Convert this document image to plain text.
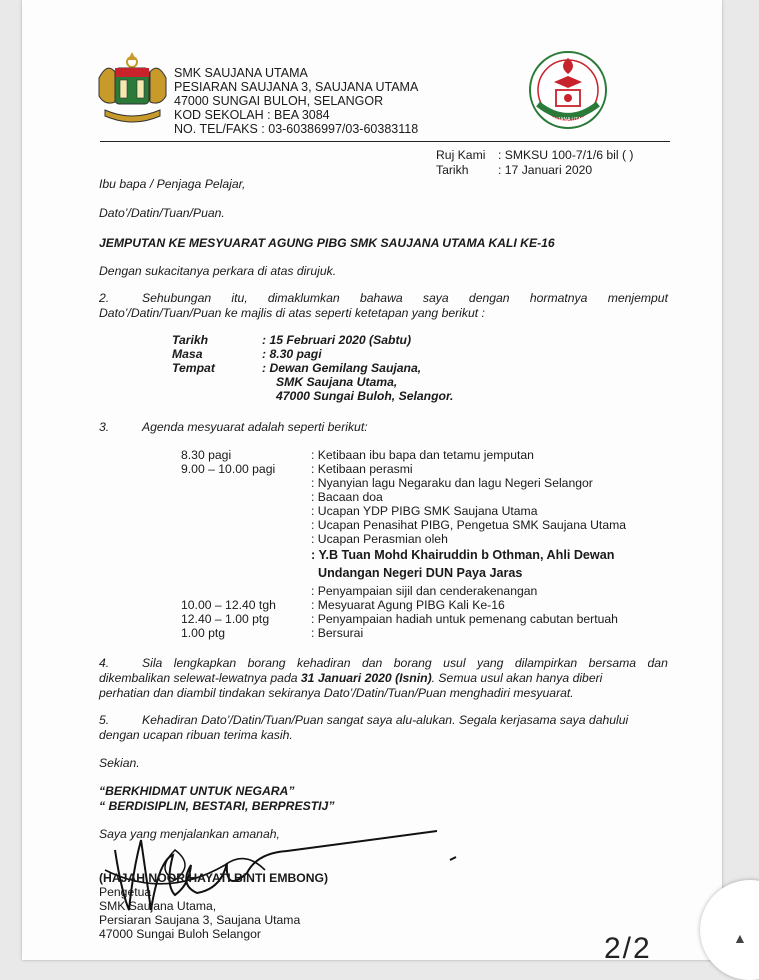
SMK SAUJANA UTAMA
PESIARAN SAUJANA 3, SAUJANA UTAMA
47000 SUNGAI BULOH, SELANGOR
KOD SEKOLAH : BEA 3084
NO. TEL/FAKS : 03-60386997/03-60383118
SAUJANA UTAMA
Ruj Kami : SMKSU 100-7/1/6 bil ( )
Tarikh : 17 Januari 2020
Ibu bapa / Penjaga Pelajar,
Dato’/Datin/Tuan/Puan.
JEMPUTAN KE MESYUARAT AGUNG PIBG SMK SAUJANA UTAMA KALI KE-16
Dengan sukacitanya perkara di atas dirujuk.
2.	Sehubungan itu, dimaklumkan bahawa saya dengan hormatnya menjemput
Dato’/Datin/Tuan/Puan ke majlis di atas seperti ketetapan yang berikut :
Tarikh	: 15 Februari 2020 (Sabtu)
Masa	: 8.30 pagi
Tempat	: Dewan Gemilang Saujana,
SMK Saujana Utama,
47000 Sungai Buloh, Selangor.
3.	Agenda mesyuarat adalah seperti berikut:
8.30 pagi	: Ketibaan ibu bapa dan tetamu jemputan
9.00 – 10.00 pagi	: Ketibaan perasmi
: Nyanyian lagu Negaraku dan lagu Negeri Selangor
: Bacaan doa
: Ucapan YDP PIBG SMK Saujana Utama
: Ucapan Penasihat PIBG, Pengetua SMK Saujana Utama
: Ucapan Perasmian oleh
: Y.B Tuan Mohd Khairuddin b Othman, Ahli Dewan
Undangan Negeri DUN Paya Jaras
: Penyampaian sijil dan cenderakenangan
10.00 – 12.40 tgh	: Mesyuarat Agung PIBG Kali Ke-16
12.40 – 1.00 ptg	: Penyampaian hadiah untuk pemenang cabutan bertuah
1.00 ptg	: Bersurai
4.	Sila lengkapkan borang kehadiran dan borang usul yang dilampirkan bersama dan
dikembalikan selewat-lewatnya pada 31 Januari 2020 (Isnin). Semua usul akan hanya diberi
perhatian dan diambil tindakan sekiranya Dato’/Datin/Tuan/Puan menghadiri mesyuarat.
5.	Kehadiran Dato’/Datin/Tuan/Puan sangat saya alu-alukan. Segala kerjasama saya dahului
dengan ucapan ribuan terima kasih.
Sekian.
“BERKHIDMAT UNTUK NEGARA”
“ BERDISIPLIN, BESTARI, BERPRESTIJ”
Saya yang menjalankan amanah,
(HAJAH NOOR HAYATI BINTI EMBONG)
Pengetua
SMK Saujana Utama,
Persiaran Saujana 3, Saujana Utama
47000 Sungai Buloh Selangor	2/2	▲
